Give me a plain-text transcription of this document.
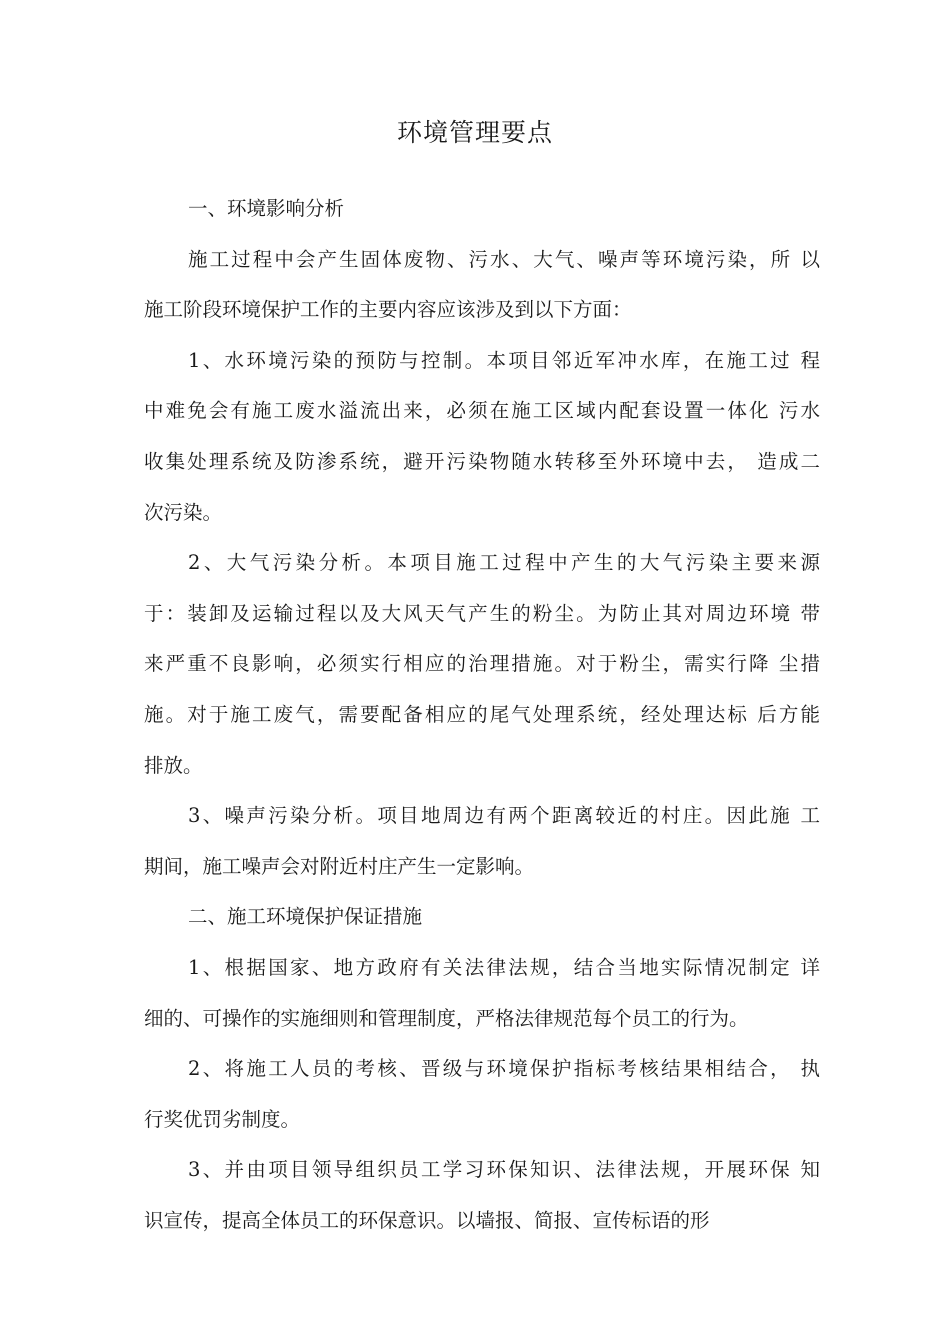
环境管理要点
一、环境影响分析
施工过程中会产生固体废物、污水、大气、噪声等环境污染，所 以
施工阶段环境保护工作的主要内容应该涉及到以下方面：
1、水环境污染的预防与控制。本项目邻近军冲水库，在施工过 程
中难免会有施工废水溢流出来，必须在施工区域内配套设置一体化 污水
收集处理系统及防渗系统，避开污染物随水转移至外环境中去， 造成二
次污染。
2、大气污染分析。本项目施工过程中产生的大气污染主要来源
于：装卸及运输过程以及大风天气产生的粉尘。为防止其对周边环境 带
来严重不良影响，必须实行相应的治理措施。对于粉尘，需实行降 尘措
施。对于施工废气，需要配备相应的尾气处理系统，经处理达标 后方能
排放。
3、噪声污染分析。项目地周边有两个距离较近的村庄。因此施 工
期间，施工噪声会对附近村庄产生一定影响。
二、施工环境保护保证措施
1、根据国家、地方政府有关法律法规，结合当地实际情况制定 详
细的、可操作的实施细则和管理制度，严格法律规范每个员工的行为。
2、将施工人员的考核、晋级与环境保护指标考核结果相结合， 执
行奖优罚劣制度。
3、并由项目领导组织员工学习环保知识、法律法规，开展环保 知
识宣传，提高全体员工的环保意识。以墙报、简报、宣传标语的形
